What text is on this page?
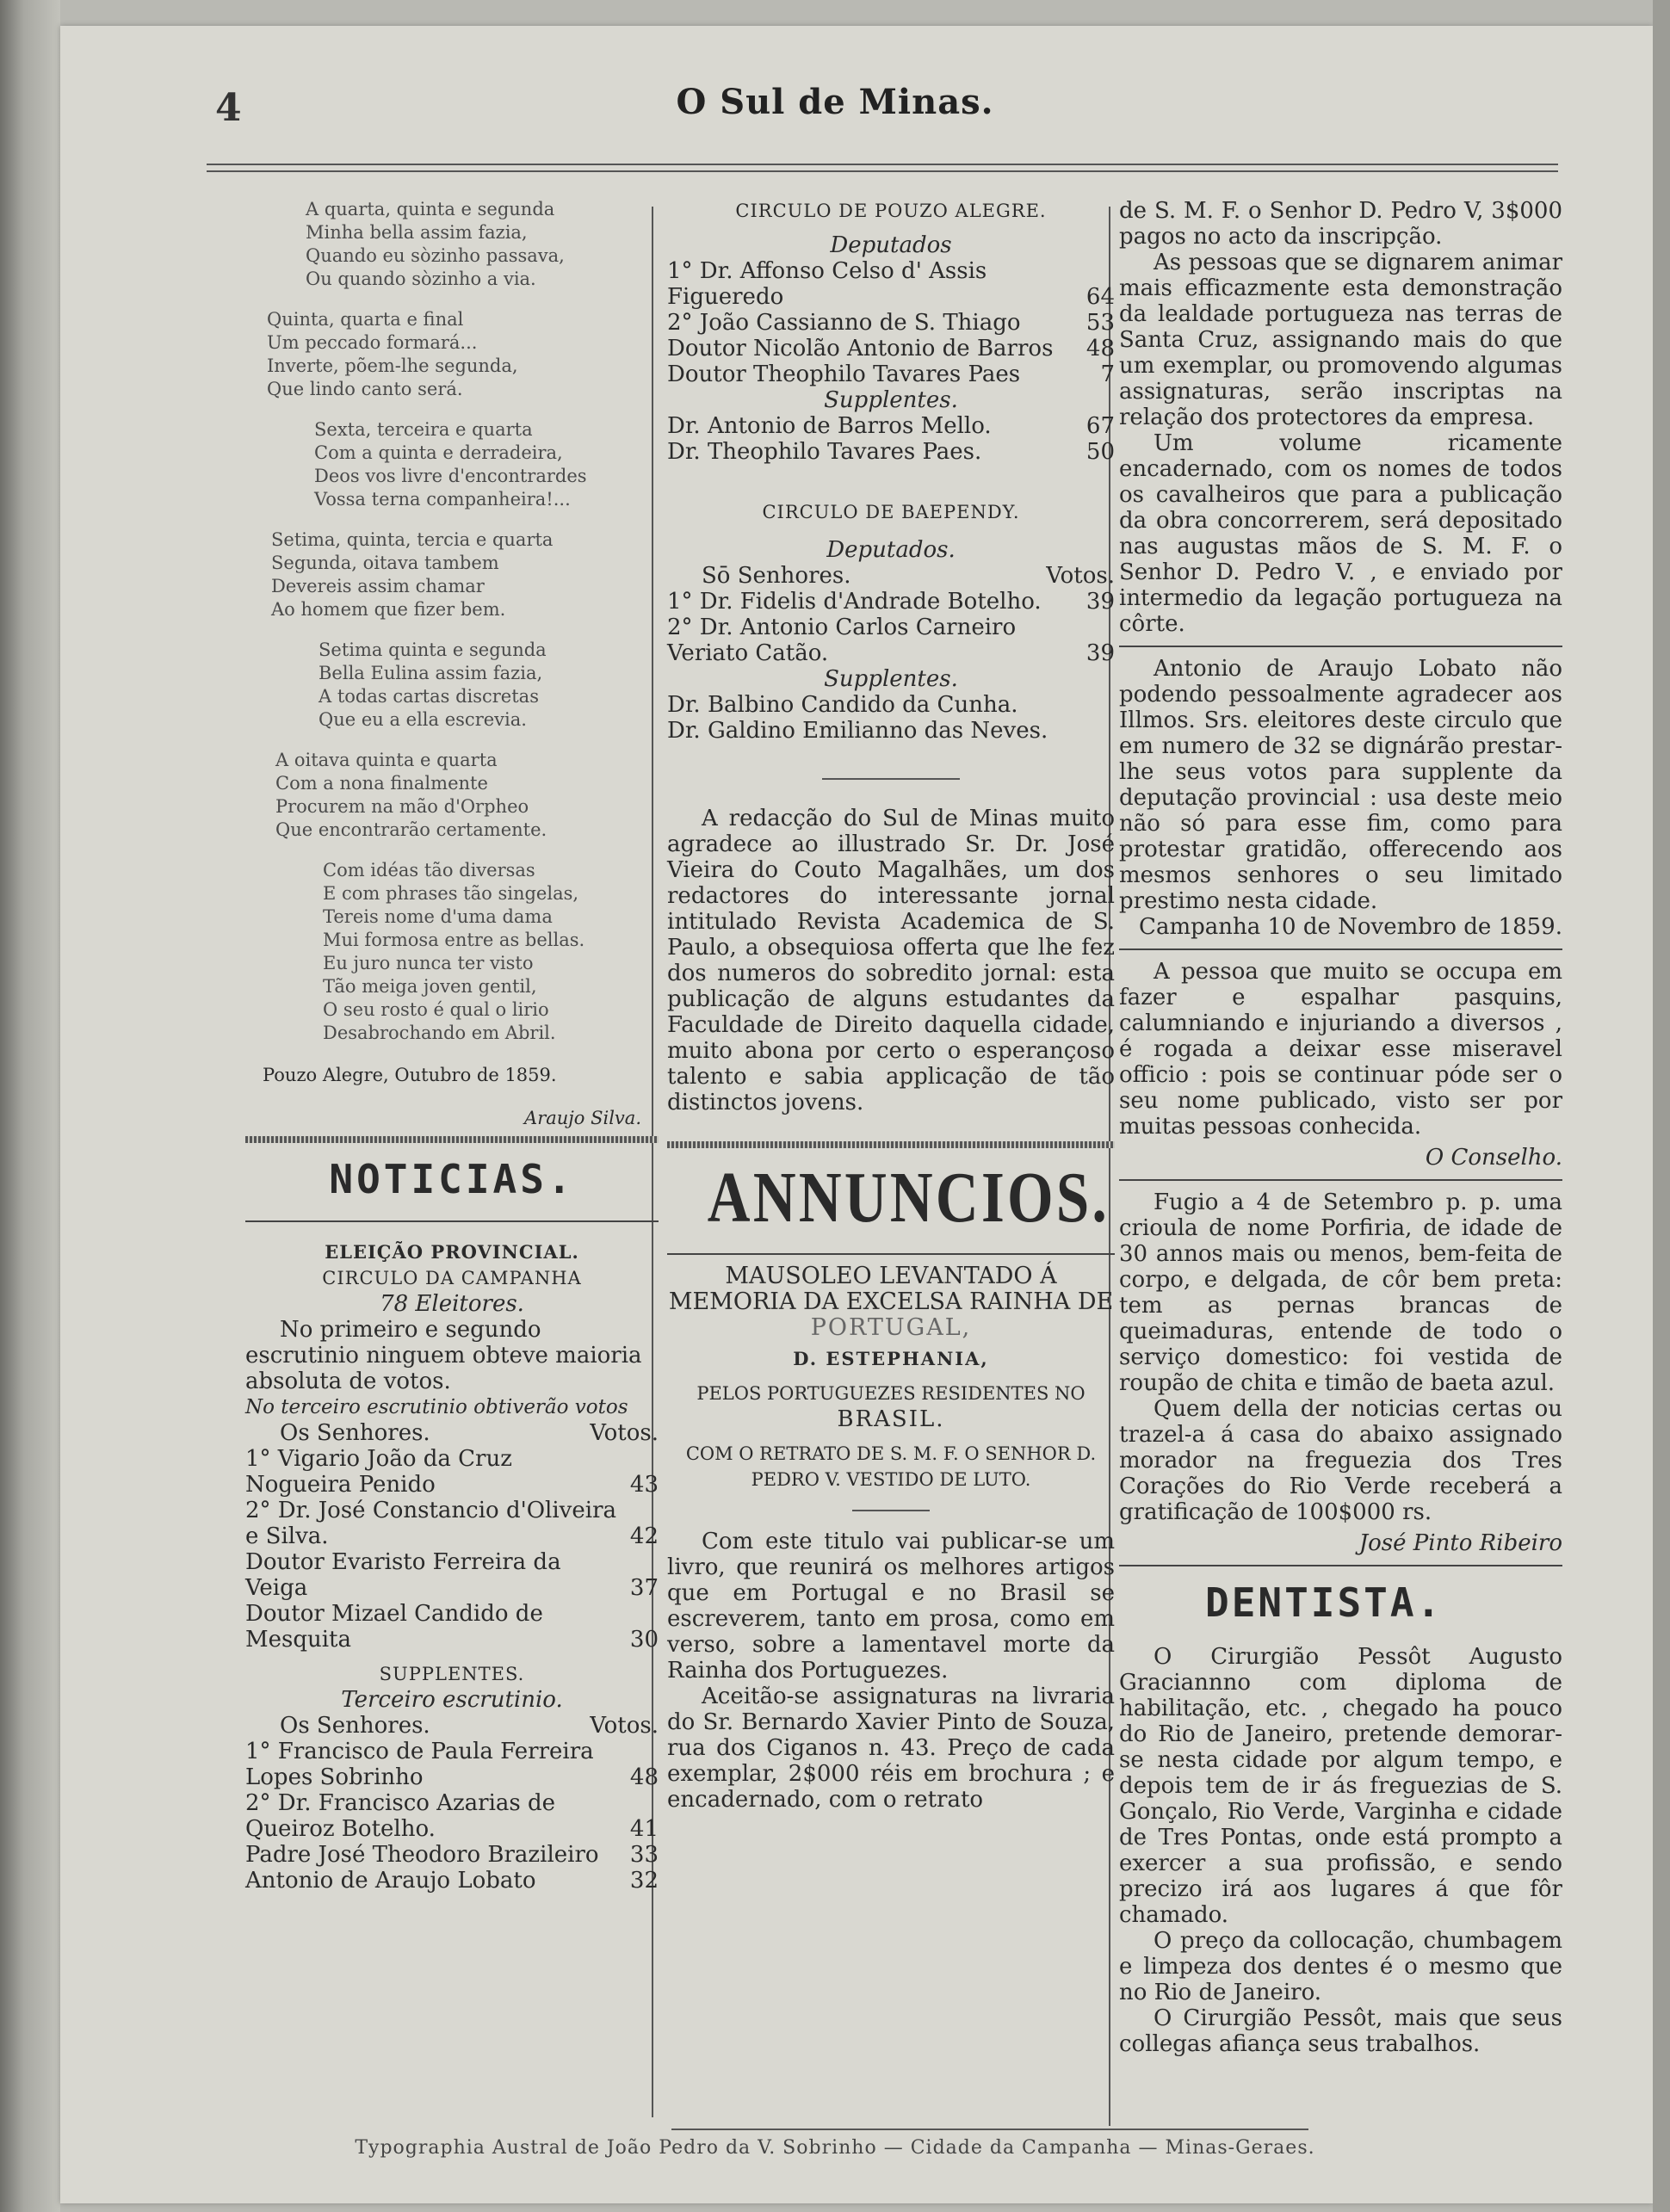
4	O Sul de Minas.

A quarta, quinta e segunda

Minha bella assim fazia,

Quando eu sòzinho passava,

Ou quando sòzinho a via.

Quinta, quarta e final

Um peccado formará...

Inverte, põem-lhe segunda,

Que lindo canto será.

Sexta, terceira e quarta

Com a quinta e derradeira,

Deos vos livre d'encontrardes

Vossa terna companheira!...

Setima, quinta, tercia e quarta

Segunda, oitava tambem

Devereis assim chamar

Ao homem que fizer bem.

Setima quinta e segunda

Bella Eulina assim fazia,

A todas cartas discretas

Que eu a ella escrevia.

A oitava quinta e quarta

Com a nona finalmente

Procurem na mão d'Orpheo

Que encontrarão certamente.

Com idéas tão diversas

E com phrases tão singelas,

Tereis nome d'uma dama

Mui formosa entre as bellas.

Eu juro nunca ter visto

Tão meiga joven gentil,

O seu rosto é qual o lirio

Desabrochando em Abril.

Pouzo Alegre, Outubro de 1859.

Araujo Silva.

NOTICIAS.

ELEIÇÃO PROVINCIAL.

CIRCULO DA CAMPANHA

78 Eleitores.

No primeiro e segundo escrutinio ninguem obteve maioria absoluta de votos.

No terceiro escrutinio obtiverão votos

Os Senhores.	Votos.
1° Vigario João da Cruz Nogueira Penido	43
2° Dr. José Constancio d'Oliveira e Silva.	42
Doutor Evaristo Ferreira da Veiga	37
Doutor Mizael Candido de Mesquita	30

SUPPLENTES.

Terceiro escrutinio.

Os Senhores.	Votos.
1° Francisco de Paula Ferreira Lopes Sobrinho	48
2° Dr. Francisco Azarias de Queiroz Botelho.	41
Padre José Theodoro Brazileiro 33
Antonio de Araujo Lobato	32

CIRCULO DE POUZO ALEGRE.

Deputados

1° Dr. Affonso Celso d' Assis Figueredo	64
2° João Cassianno de S. Thiago	53
Doutor Nicolão Antonio de Barros 48
Doutor Theophilo Tavares Paes	7

Supplentes.

Dr. Antonio de Barros Mello.	67
Dr. Theophilo Tavares Paes.	50

CIRCULO DE BAEPENDY.

Deputados.

Sō Senhores.	Votos.
1° Dr. Fidelis d'Andrade Botelho. 39
2° Dr. Antonio Carlos Carneiro Veriato Catão.	39

Supplentes.

Dr. Balbino Candido da Cunha.

Dr. Galdino Emilianno das Neves.

A redacção do Sul de Minas muito agradece ao illustrado Sr. Dr. José Vieira do Couto Magalhães, um dos redactores do interessante jornal intitulado Revista Academica de S. Paulo, a obsequiosa offerta que lhe fez dos numeros do sobredito jornal: esta publicação de alguns estudantes da Faculdade de Direito daquella cidade, muito abona por certo o esperançoso talento e sabia applicação de tão distinctos jovens.

ANNUNCIOS.

MAUSOLEO LEVANTADO Á MEMORIA DA EXCELSA RAINHA DE

PORTUGAL,

D. ESTEPHANIA,

PELOS PORTUGUEZES RESIDENTES NO

BRASIL.

COM O RETRATO DE S. M. F. O SENHOR D. PEDRO V. VESTIDO DE LUTO.

Com este titulo vai publicar-se um livro, que reunirá os melhores artigos que em Portugal e no Brasil se escreverem, tanto em prosa, como em verso, sobre a lamentavel morte da Rainha dos Portuguezes.

Aceitão-se assignaturas na livraria do Sr. Bernardo Xavier Pinto de Souza, rua dos Ciganos n. 43. Preço de cada exemplar, 2$000 réis em brochura ; e encadernado, com o retrato

de S. M. F. o Senhor D. Pedro V, 3$000 pagos no acto da inscripção.

As pessoas que se dignarem animar mais efficazmente esta demonstração da lealdade portugueza nas terras de Santa Cruz, assignando mais do que um exemplar, ou promovendo algumas assignaturas, serão inscriptas na relação dos protectores da empresa.

Um volume ricamente encadernado, com os nomes de todos os cavalheiros que para a publicação da obra concorrerem, será depositado nas augustas mãos de S. M. F. o Senhor D. Pedro V. , e enviado por intermedio da legação portugueza na côrte.

Antonio de Araujo Lobato não podendo pessoalmente agradecer aos Illmos. Srs. eleitores deste circulo que em numero de 32 se dignárão prestar-lhe seus votos para supplente da deputação provincial : usa deste meio não só para esse fim, como para protestar gratidão, offerecendo aos mesmos senhores o seu limitado prestimo nesta cidade.

Campanha 10 de Novembro de 1859.

A pessoa que muito se occupa em fazer e espalhar pasquins, calumniando e injuriando a diversos , é rogada a deixar esse miseravel officio : pois se continuar póde ser o seu nome publicado, visto ser por muitas pessoas conhecida.

O Conselho.

Fugio a 4 de Setembro p. p. uma crioula de nome Porfiria, de idade de 30 annos mais ou menos, bem-feita de corpo, e delgada, de côr bem preta: tem as pernas brancas de queimaduras, entende de todo o serviço domestico: foi vestida de roupão de chita e timão de baeta azul.

Quem della der noticias certas ou trazel-a á casa do abaixo assignado morador na freguezia dos Tres Corações do Rio Verde receberá a gratificação de 100$000 rs.

José Pinto Ribeiro

DENTISTA.

O Cirurgião Pessôt Augusto Graciannno com diploma de habilitação, etc. , chegado ha pouco do Rio de Janeiro, pretende demorar-se nesta cidade por algum tempo, e depois tem de ir ás freguezias de S. Gonçalo, Rio Verde, Varginha e cidade de Tres Pontas, onde está prompto a exercer a sua profissão, e sendo precizo irá aos lugares á que fôr chamado.

O preço da collocação, chumbagem e limpeza dos dentes é o mesmo que no Rio de Janeiro.

O Cirurgião Pessôt, mais que seus collegas afiança seus trabalhos.

Typographia Austral de João Pedro da V. Sobrinho — Cidade da Campanha — Minas-Geraes.
